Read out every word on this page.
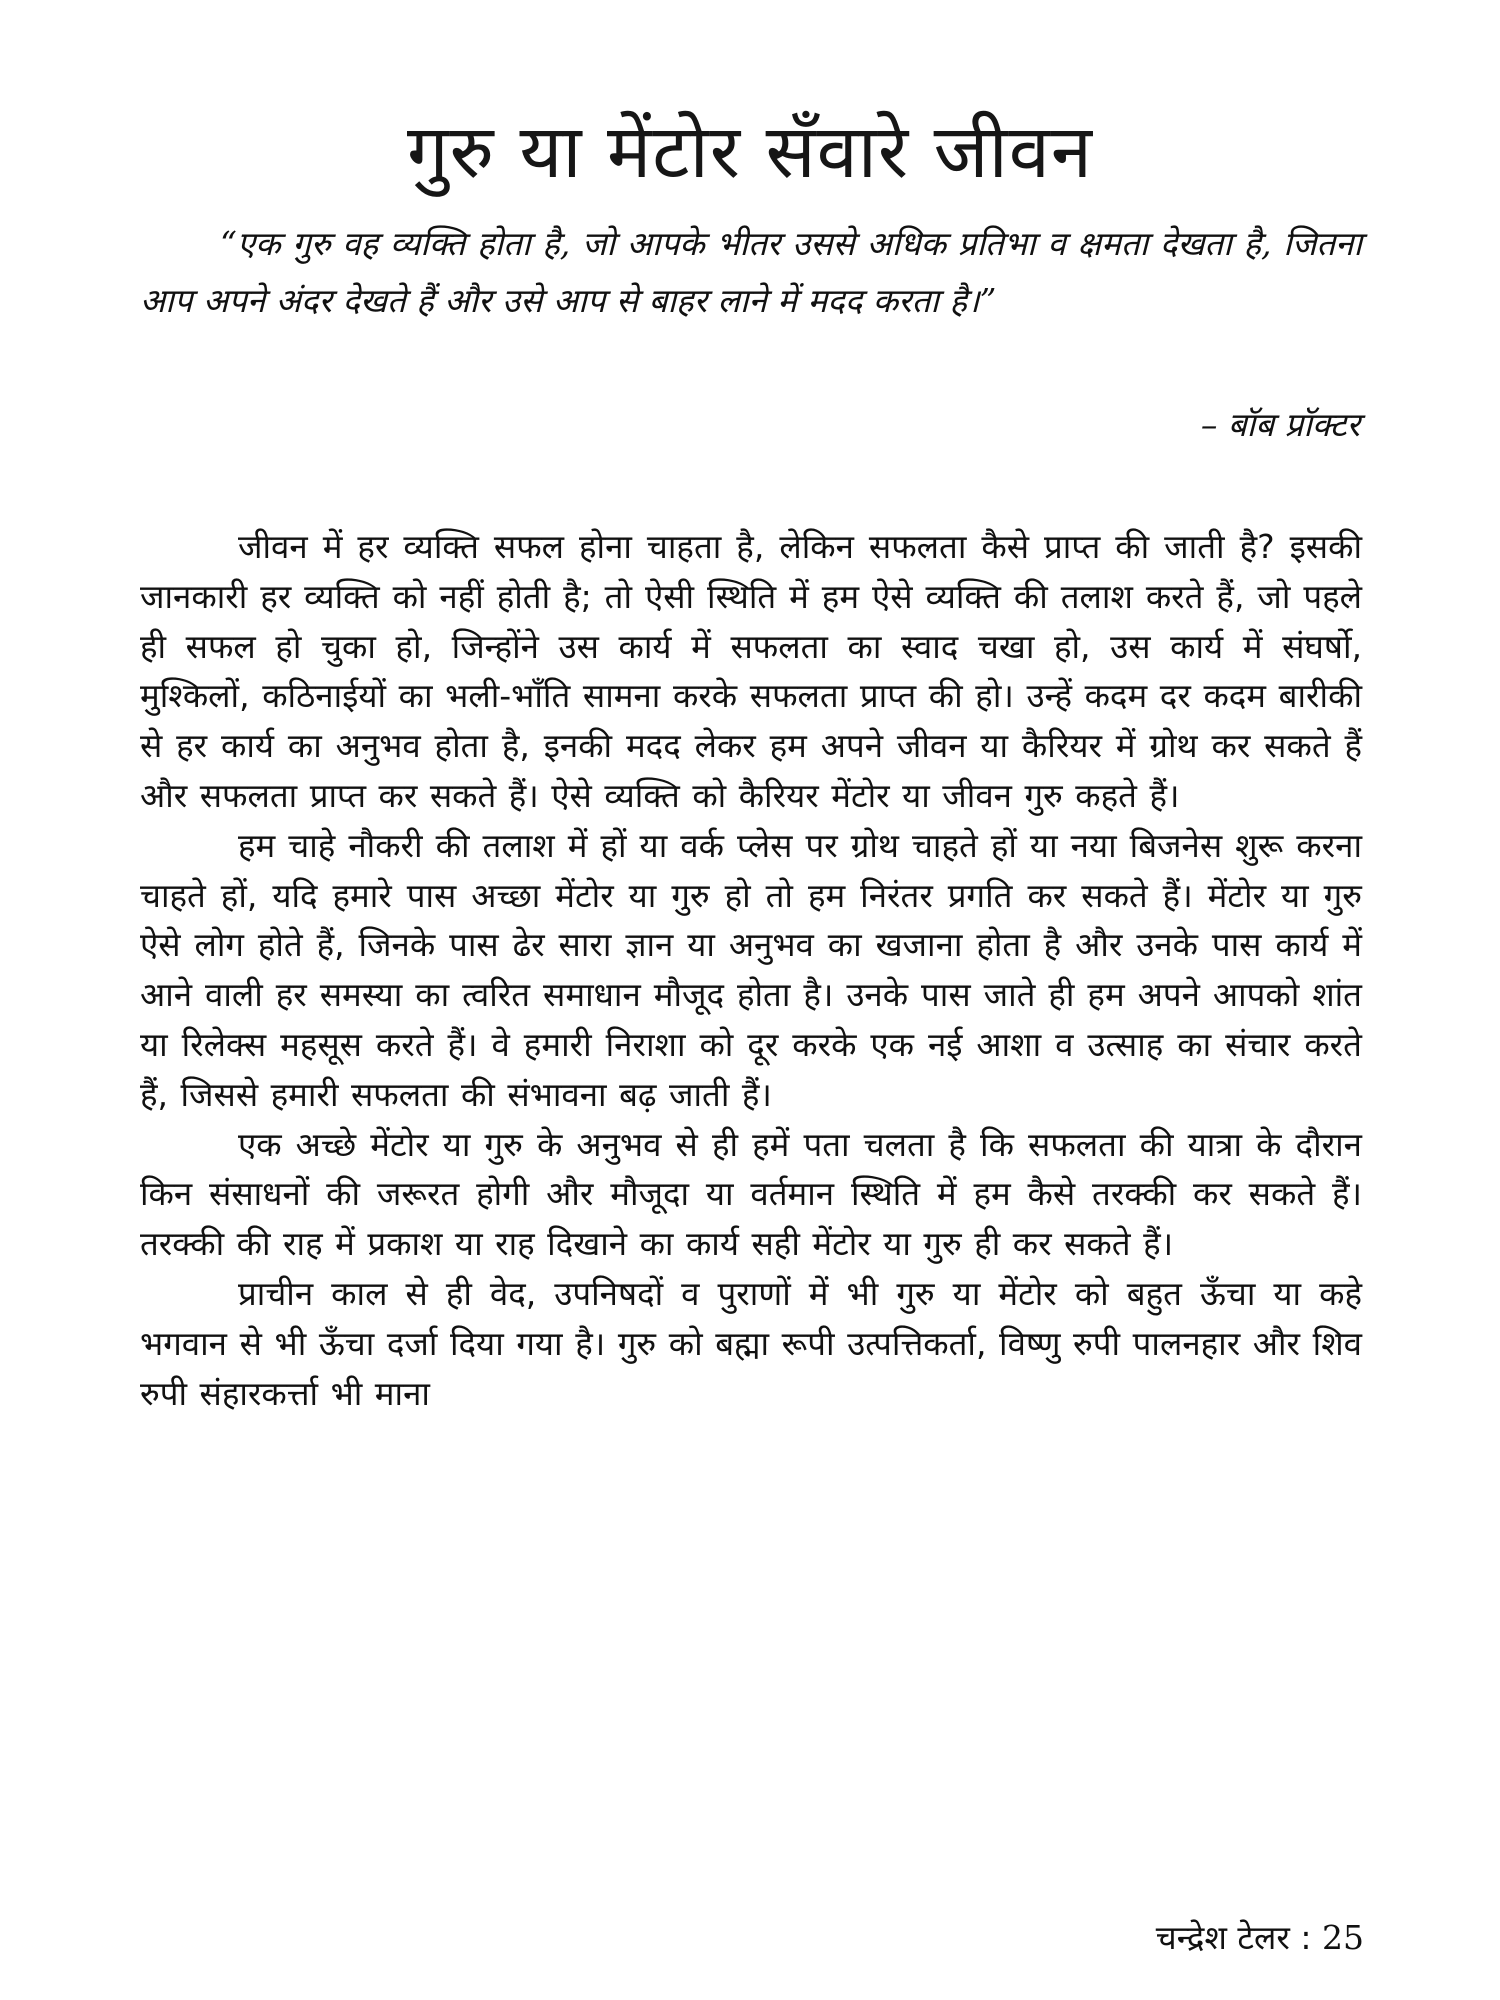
गुरु या मेंटोर सँवारे जीवन

“एक गुरु वह व्यक्ति होता है, जो आपके भीतर उससे अधिक प्रतिभा व क्षमता देखता है, जितना आप अपने अंदर देखते हैं और उसे आप से बाहर लाने में मदद करता है।”

– बॉब प्रॉक्टर

जीवन में हर व्यक्ति सफल होना चाहता है, लेकिन सफलता कैसे प्राप्त की जाती है? इसकी जानकारी हर व्यक्ति को नहीं होती है; तो ऐसी स्थिति में हम ऐसे व्यक्ति की तलाश करते हैं, जो पहले ही सफल हो चुका हो, जिन्होंने उस कार्य में सफलता का स्वाद चखा हो, उस कार्य में संघर्षो, मुश्किलों, कठिनाईयों का भली-भाँति सामना करके सफलता प्राप्त की हो। उन्हें कदम दर कदम बारीकी से हर कार्य का अनुभव होता है, इनकी मदद लेकर हम अपने जीवन या कैरियर में ग्रोथ कर सकते हैं और सफलता प्राप्त कर सकते हैं। ऐसे व्यक्ति को कैरियर मेंटोर या जीवन गुरु कहते हैं।

हम चाहे नौकरी की तलाश में हों या वर्क प्लेस पर ग्रोथ चाहते हों या नया बिजनेस शुरू करना चाहते हों, यदि हमारे पास अच्छा मेंटोर या गुरु हो तो हम निरंतर प्रगति कर सकते हैं। मेंटोर या गुरु ऐसे लोग होते हैं, जिनके पास ढेर सारा ज्ञान या अनुभव का खजाना होता है और उनके पास कार्य में आने वाली हर समस्या का त्वरित समाधान मौजूद होता है। उनके पास जाते ही हम अपने आपको शांत या रिलेक्स महसूस करते हैं। वे हमारी निराशा को दूर करके एक नई आशा व उत्साह का संचार करते हैं, जिससे हमारी सफलता की संभावना बढ़ जाती हैं।

एक अच्छे मेंटोर या गुरु के अनुभव से ही हमें पता चलता है कि सफलता की यात्रा के दौरान किन संसाधनों की जरूरत होगी और मौजूदा या वर्तमान स्थिति में हम कैसे तरक्की कर सकते हैं। तरक्की की राह में प्रकाश या राह दिखाने का कार्य सही मेंटोर या गुरु ही कर सकते हैं।

प्राचीन काल से ही वेद, उपनिषदों व पुराणों में भी गुरु या मेंटोर को बहुत ऊँचा या कहे भगवान से भी ऊँचा दर्जा दिया गया है। गुरु को बह्मा रूपी उत्पत्तिकर्ता, विष्णु रुपी पालनहार और शिव रुपी संहारकर्त्ता भी माना

चन्द्रेश टेलर : 25
